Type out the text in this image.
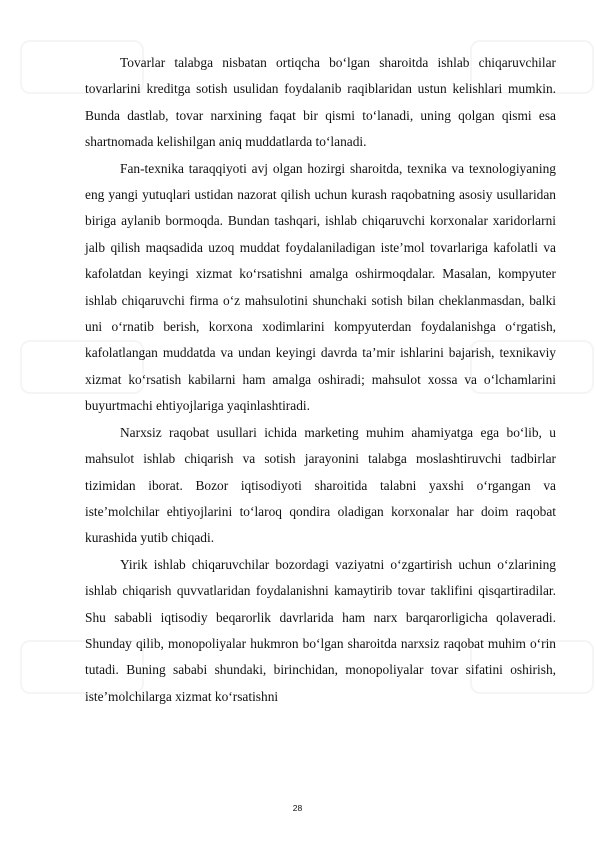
Tovarlar talabga nisbatan ortiqcha bo‘lgan sharoitda ishlab chiqaruvchilar tovarlarini kreditga sotish usulidan foydalanib raqiblaridan ustun kelishlari mumkin. Bunda dastlab, tovar narxining faqat bir qismi to‘lanadi, uning qolgan qismi esa shartnomada kelishilgan aniq muddatlarda to‘lanadi.

Fan-texnika taraqqiyoti avj olgan hozirgi sharoitda, texnika va texnologiyaning eng yangi yutuqlari ustidan nazorat qilish uchun kurash raqobatning asosiy usullaridan biriga aylanib bormoqda. Bundan tashqari, ishlab chiqaruvchi korxonalar xaridorlarni jalb qilish maqsadida uzoq muddat foydalaniladigan iste’mol tovarlariga kafolatli va kafolatdan keyingi xizmat ko‘rsatishni amalga oshirmoqdalar. Masalan, kompyuter ishlab chiqaruvchi firma o‘z mahsulotini shunchaki sotish bilan cheklanmasdan, balki uni o‘rnatib berish, korxona xodimlarini kompyuterdan foydalanishga o‘rgatish, kafolatlangan muddatda va undan keyingi davrda ta’mir ishlarini bajarish, texnikaviy xizmat ko‘rsatish kabilarni ham amalga oshiradi; mahsulot xossa va o‘lchamlarini buyurtmachi ehtiyojlariga yaqinlashtiradi.

Narxsiz raqobat usullari ichida marketing muhim ahamiyatga ega bo‘lib, u mahsulot ishlab chiqarish va sotish jarayonini talabga moslashtiruvchi tadbirlar tizimidan iborat. Bozor iqtisodiyoti sharoitida talabni yaxshi o‘rgangan va iste’molchilar ehtiyojlarini to‘laroq qondira oladigan korxonalar har doim raqobat kurashida yutib chiqadi.

Yirik ishlab chiqaruvchilar bozordagi vaziyatni o‘zgartirish uchun o‘zlarining ishlab chiqarish quvvatlaridan foydalanishni kamaytirib tovar taklifini qisqartiradilar. Shu sababli iqtisodiy beqarorlik davrlarida ham narx barqarorligicha qolaveradi. Shunday qilib, monopoliyalar hukmron bo‘lgan sharoitda narxsiz raqobat muhim o‘rin tutadi. Buning sababi shundaki, birinchidan, monopoliyalar tovar sifatini oshirish, iste’molchilarga xizmat ko‘rsatishni

28
